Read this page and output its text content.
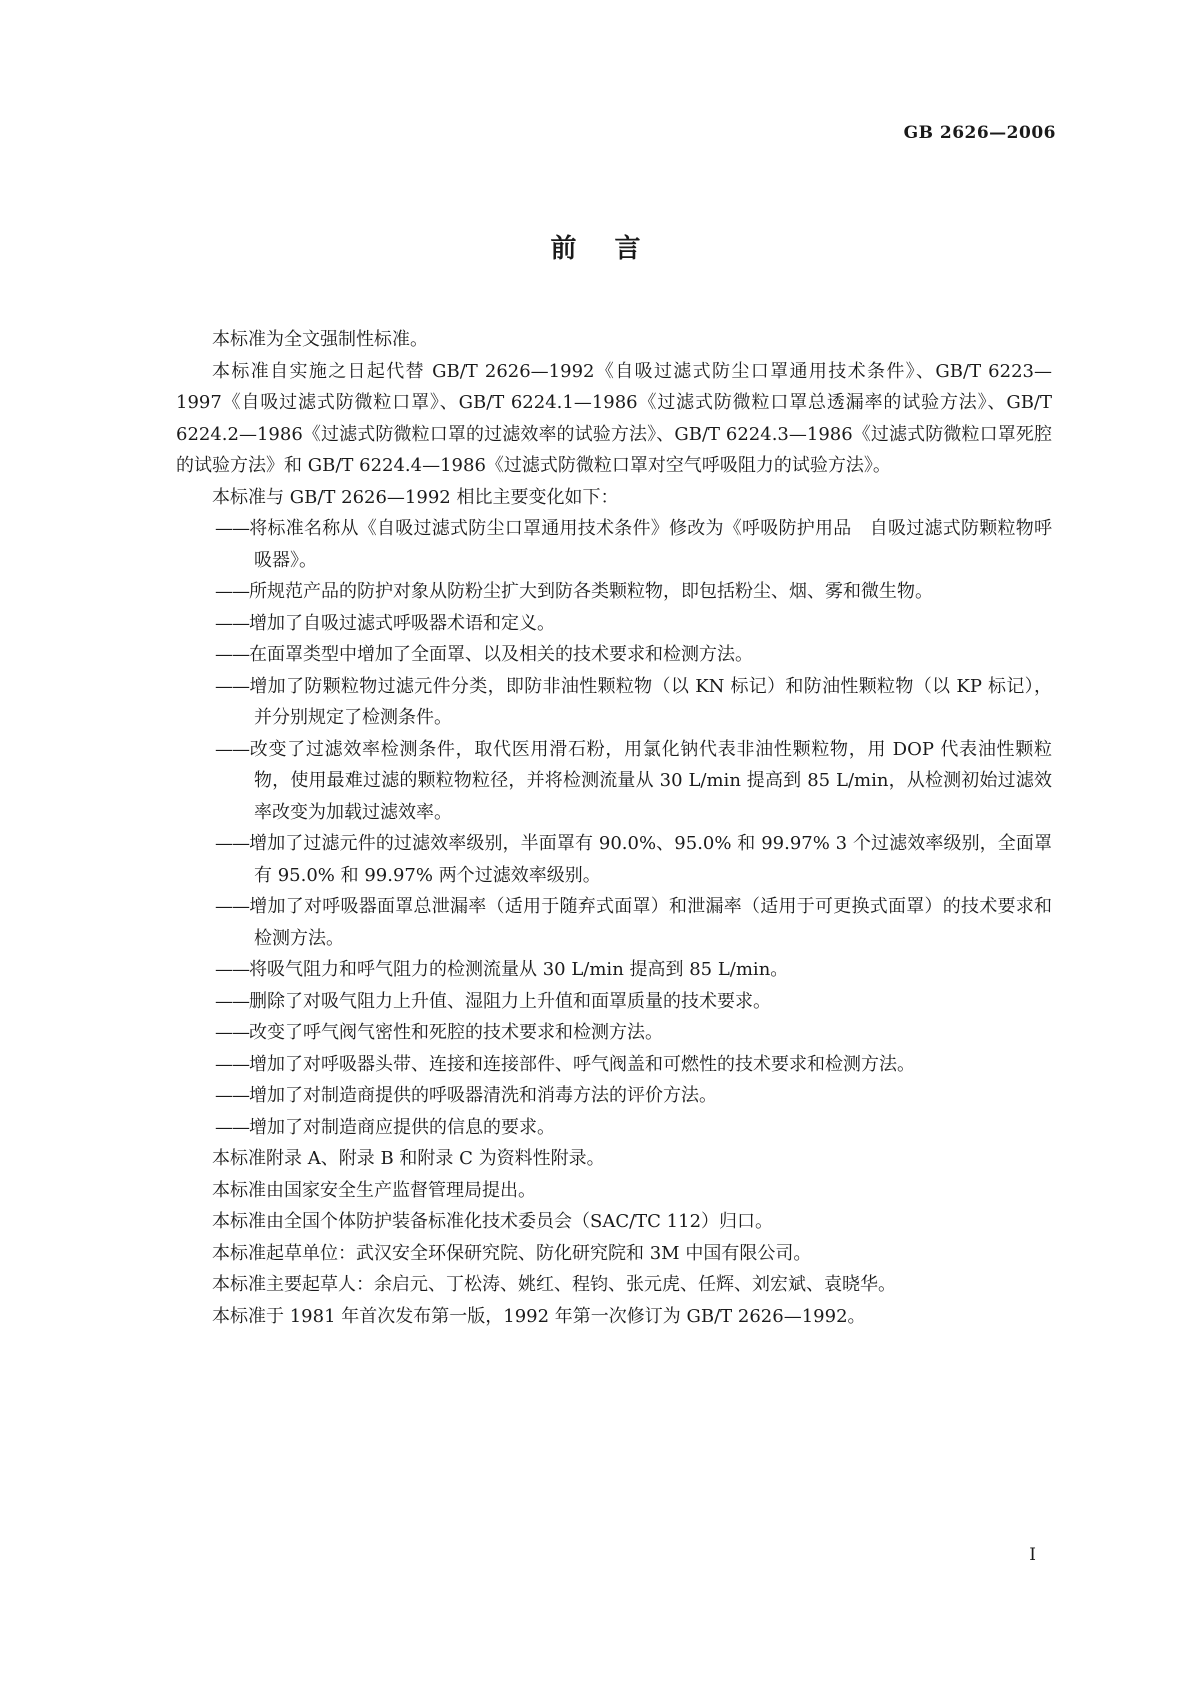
GB 2626—2006
前言

本标准为全文强制性标准。

本标准自实施之日起代替 GB/T 2626—1992《自吸过滤式防尘口罩通用技术条件》、GB/T 6223—1997《自吸过滤式防微粒口罩》、GB/T 6224.1—1986《过滤式防微粒口罩总透漏率的试验方法》、GB/T 6224.2—1986《过滤式防微粒口罩的过滤效率的试验方法》、GB/T 6224.3—1986《过滤式防微粒口罩死腔的试验方法》和 GB/T 6224.4—1986《过滤式防微粒口罩对空气呼吸阻力的试验方法》。

本标准与 GB/T 2626—1992 相比主要变化如下：

——将标准名称从《自吸过滤式防尘口罩通用技术条件》修改为《呼吸防护用品　自吸过滤式防颗粒物呼吸器》。
——所规范产品的防护对象从防粉尘扩大到防各类颗粒物，即包括粉尘、烟、雾和微生物。
——增加了自吸过滤式呼吸器术语和定义。
——在面罩类型中增加了全面罩、以及相关的技术要求和检测方法。
——增加了防颗粒物过滤元件分类，即防非油性颗粒物（以 KN 标记）和防油性颗粒物（以 KP 标记），并分别规定了检测条件。
——改变了过滤效率检测条件，取代医用滑石粉，用氯化钠代表非油性颗粒物，用 DOP 代表油性颗粒物，使用最难过滤的颗粒物粒径，并将检测流量从 30 L/min 提高到 85 L/min，从检测初始过滤效率改变为加载过滤效率。
——增加了过滤元件的过滤效率级别，半面罩有 90.0%、95.0% 和 99.97% 3 个过滤效率级别，全面罩有 95.0% 和 99.97% 两个过滤效率级别。
——增加了对呼吸器面罩总泄漏率（适用于随弃式面罩）和泄漏率（适用于可更换式面罩）的技术要求和检测方法。
——将吸气阻力和呼气阻力的检测流量从 30 L/min 提高到 85 L/min。
——删除了对吸气阻力上升值、湿阻力上升值和面罩质量的技术要求。
——改变了呼气阀气密性和死腔的技术要求和检测方法。
——增加了对呼吸器头带、连接和连接部件、呼气阀盖和可燃性的技术要求和检测方法。
——增加了对制造商提供的呼吸器清洗和消毒方法的评价方法。
——增加了对制造商应提供的信息的要求。

本标准附录 A、附录 B 和附录 C 为资料性附录。

本标准由国家安全生产监督管理局提出。

本标准由全国个体防护装备标准化技术委员会（SAC/TC 112）归口。

本标准起草单位：武汉安全环保研究院、防化研究院和 3M 中国有限公司。

本标准主要起草人：余启元、丁松涛、姚红、程钧、张元虎、任辉、刘宏斌、袁晓华。

本标准于 1981 年首次发布第一版，1992 年第一次修订为 GB/T 2626—1992。

I
